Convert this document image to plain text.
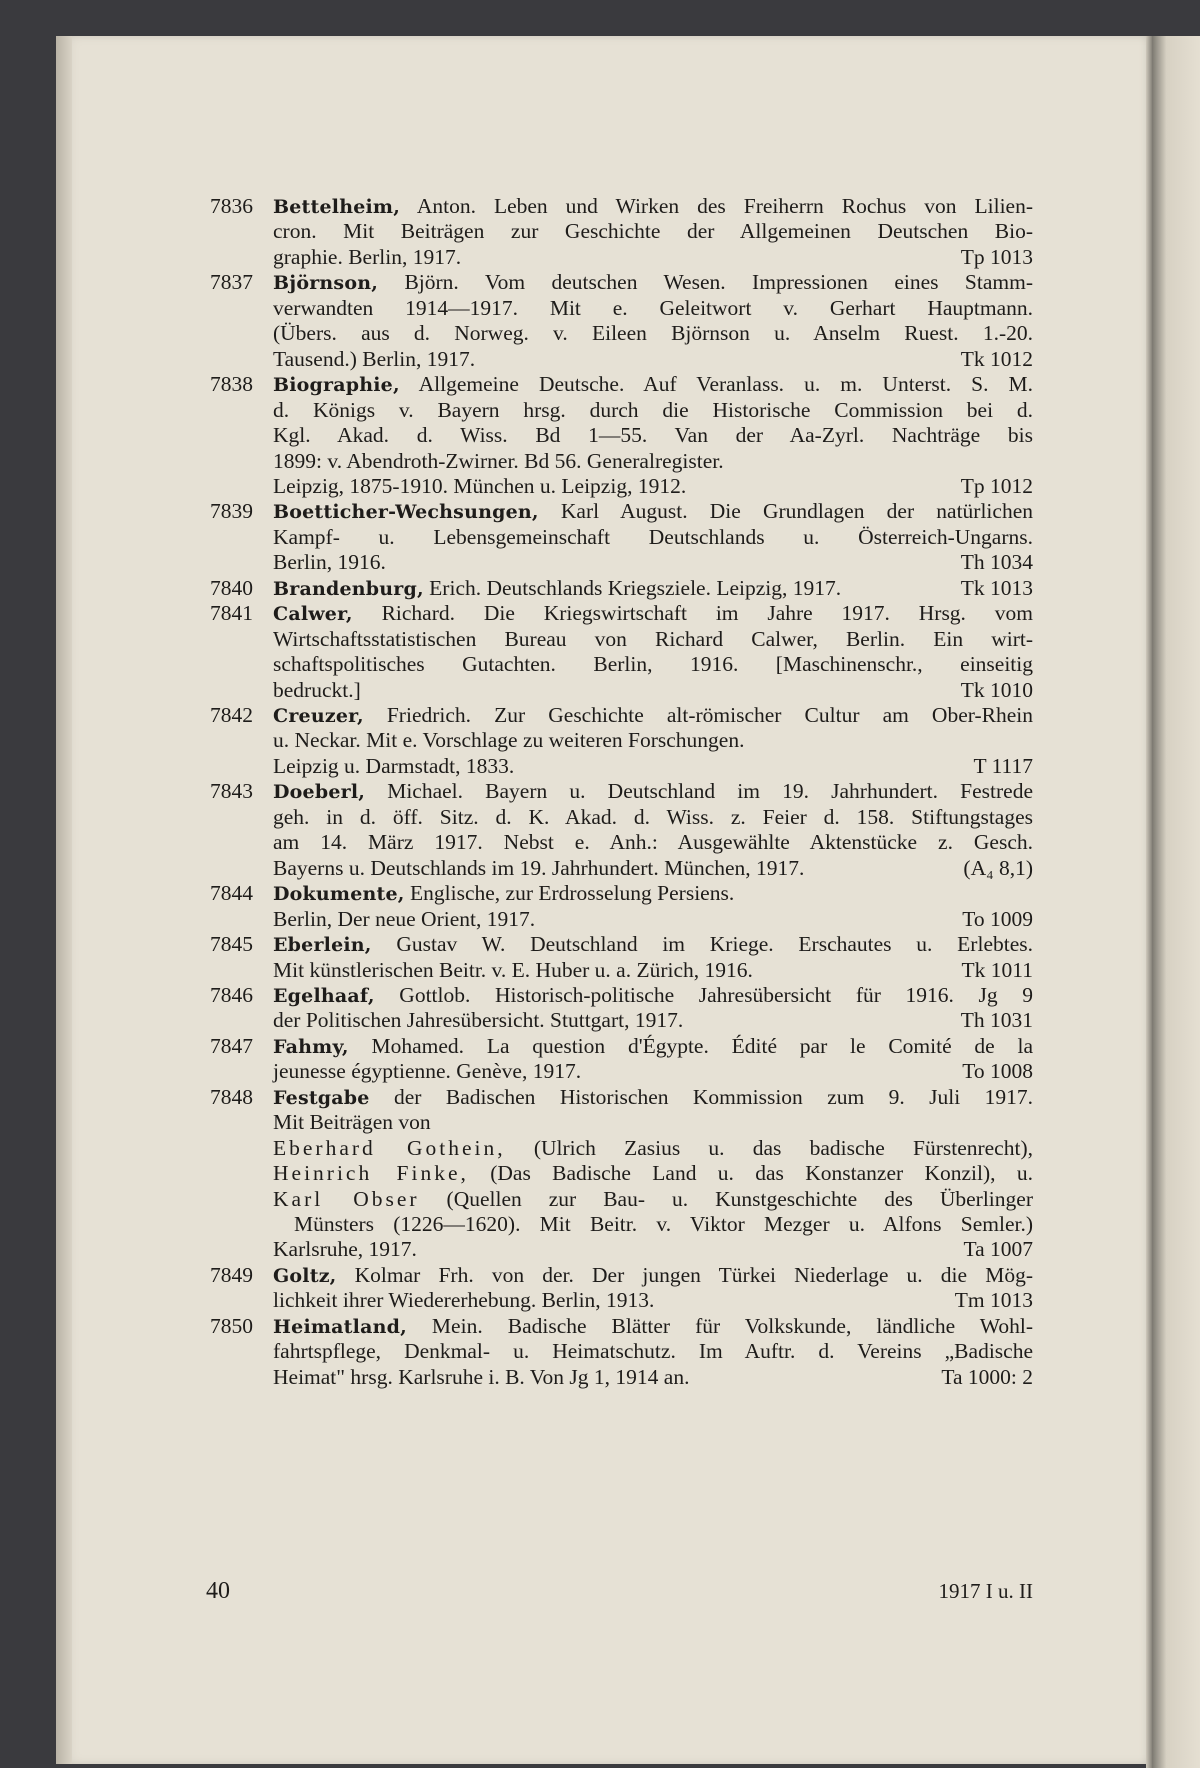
7836	Bettelheim, Anton. Leben und Wirken des Freiherrn Rochus von Lilien-
cron. Mit Beiträgen zur Geschichte der Allgemeinen Deutschen Bio-
graphie. Berlin, 1917.	Tp 1013
7837	Björnson, Björn. Vom deutschen Wesen. Impressionen eines Stamm-
verwandten 1914—1917. Mit e. Geleitwort v. Gerhart Hauptmann.
(Übers. aus d. Norweg. v. Eileen Björnson u. Anselm Ruest. 1.-20.
Tausend.) Berlin, 1917.	Tk 1012
7838	Biographie, Allgemeine Deutsche. Auf Veranlass. u. m. Unterst. S. M.
d. Königs v. Bayern hrsg. durch die Historische Commission bei d.
Kgl. Akad. d. Wiss. Bd 1—55. Van der Aa-Zyrl. Nachträge bis
1899: v. Abendroth-Zwirner. Bd 56. Generalregister.
Leipzig, 1875-1910. München u. Leipzig, 1912.	Tp 1012
7839	Boetticher-Wechsungen, Karl August. Die Grundlagen der natürlichen
Kampf- u. Lebensgemeinschaft Deutschlands u. Österreich-Ungarns.
Berlin, 1916.	Th 1034
7840	Brandenburg, Erich. Deutschlands Kriegsziele. Leipzig, 1917.	Tk 1013
7841	Calwer, Richard. Die Kriegswirtschaft im Jahre 1917. Hrsg. vom
Wirtschaftsstatistischen Bureau von Richard Calwer, Berlin. Ein wirt-
schaftspolitisches Gutachten. Berlin, 1916. [Maschinenschr., einseitig
bedruckt.]	Tk 1010
7842	Creuzer, Friedrich. Zur Geschichte alt-römischer Cultur am Ober-Rhein
u. Neckar. Mit e. Vorschlage zu weiteren Forschungen.
Leipzig u. Darmstadt, 1833.	T 1117
7843	Doeberl, Michael. Bayern u. Deutschland im 19. Jahrhundert. Festrede
geh. in d. öff. Sitz. d. K. Akad. d. Wiss. z. Feier d. 158. Stiftungstages
am 14. März 1917. Nebst e. Anh.: Ausgewählte Aktenstücke z. Gesch.
Bayerns u. Deutschlands im 19. Jahrhundert. München, 1917.	(A₄ 8,1)
7844	Dokumente, Englische, zur Erdrosselung Persiens.
Berlin, Der neue Orient, 1917.	To 1009
7845	Eberlein, Gustav W. Deutschland im Kriege. Erschautes u. Erlebtes.
Mit künstlerischen Beitr. v. E. Huber u. a. Zürich, 1916.	Tk 1011
7846	Egelhaaf, Gottlob. Historisch-politische Jahresübersicht für 1916. Jg 9
der Politischen Jahresübersicht. Stuttgart, 1917.	Th 1031
7847	Fahmy, Mohamed. La question d'Égypte. Édité par le Comité de la
jeunesse égyptienne. Genève, 1917.	To 1008
7848	Festgabe der Badischen Historischen Kommission zum 9. Juli 1917.
Mit Beiträgen von
Eberhard Gothein, (Ulrich Zasius u. das badische Fürstenrecht),
Heinrich Finke, (Das Badische Land u. das Konstanzer Konzil), u.
Karl Obser (Quellen zur Bau- u. Kunstgeschichte des Überlinger
Münsters (1226—1620). Mit Beitr. v. Viktor Mezger u. Alfons Semler.)
Karlsruhe, 1917.	Ta 1007
7849	Goltz, Kolmar Frh. von der. Der jungen Türkei Niederlage u. die Mög-
lichkeit ihrer Wiedererhebung. Berlin, 1913.	Tm 1013
7850	Heimatland, Mein. Badische Blätter für Volkskunde, ländliche Wohl-
fahrtspflege, Denkmal- u. Heimatschutz. Im Auftr. d. Vereins „Badische
Heimat" hrsg. Karlsruhe i. B. Von Jg 1, 1914 an.	Ta 1000: 2
40	1917 I u. II
